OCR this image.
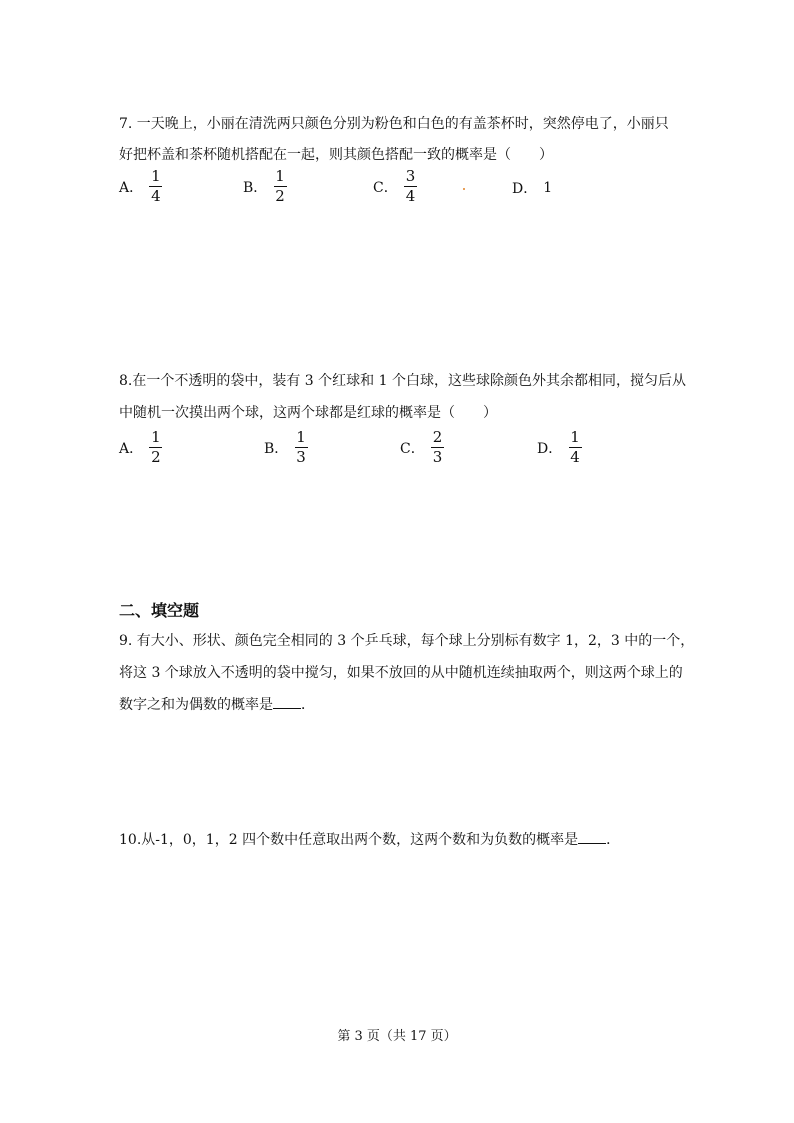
7. 一天晚上，小丽在清洗两只颜色分别为粉色和白色的有盖茶杯时，突然停电了，小丽只
好把杯盖和茶杯随机搭配在一起，则其颜色搭配一致的概率是（　　）
A． $\frac{1}{4}$	B． $\frac{1}{2}$	C． $\frac{3}{4}$	D． 1
8.在一个不透明的袋中，装有 3 个红球和 1 个白球，这些球除颜色外其余都相同，搅匀后从
中随机一次摸出两个球，这两个球都是红球的概率是（　　）
A． $\frac{1}{2}$	B． $\frac{1}{3}$	C． $\frac{2}{3}$	D． $\frac{1}{4}$
二、填空题
9. 有大小、形状、颜色完全相同的 3 个乒乓球，每个球上分别标有数字 1，2，3 中的一个，
将这 3 个球放入不透明的袋中搅匀，如果不放回的从中随机连续抽取两个，则这两个球上的
数字之和为偶数的概率是 ．
10.从-1，0，1，2 四个数中任意取出两个数，这两个数和为负数的概率是 ．
第 3 页（共 17 页）
